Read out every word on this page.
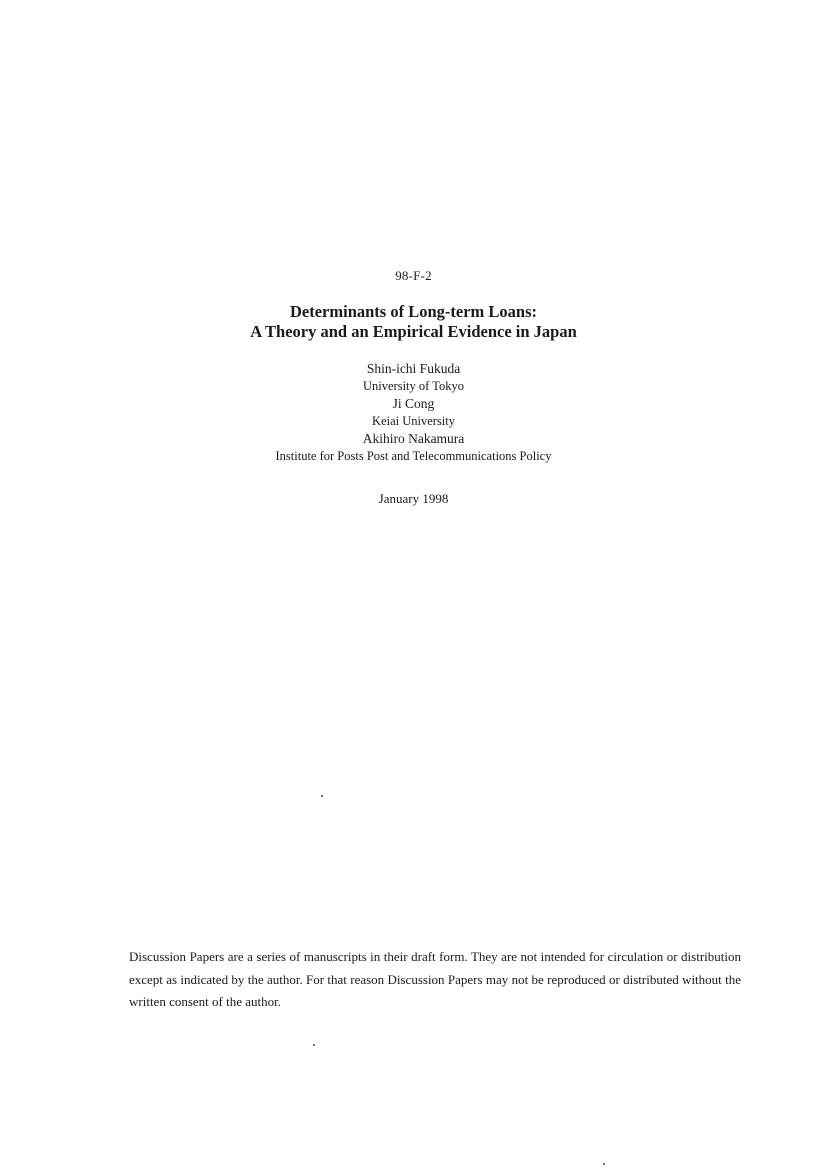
98-F-2
Determinants of Long-term Loans:
A Theory and an Empirical Evidence in Japan
Shin-ichi Fukuda
University of Tokyo
Ji Cong
Keiai University
Akihiro Nakamura
Institute for Posts Post and Telecommunications Policy
January 1998
Discussion Papers are a series of manuscripts in their draft form. They are not intended for circulation or distribution except as indicated by the author. For that reason Discussion Papers may not be reproduced or distributed without the written consent of the author.
